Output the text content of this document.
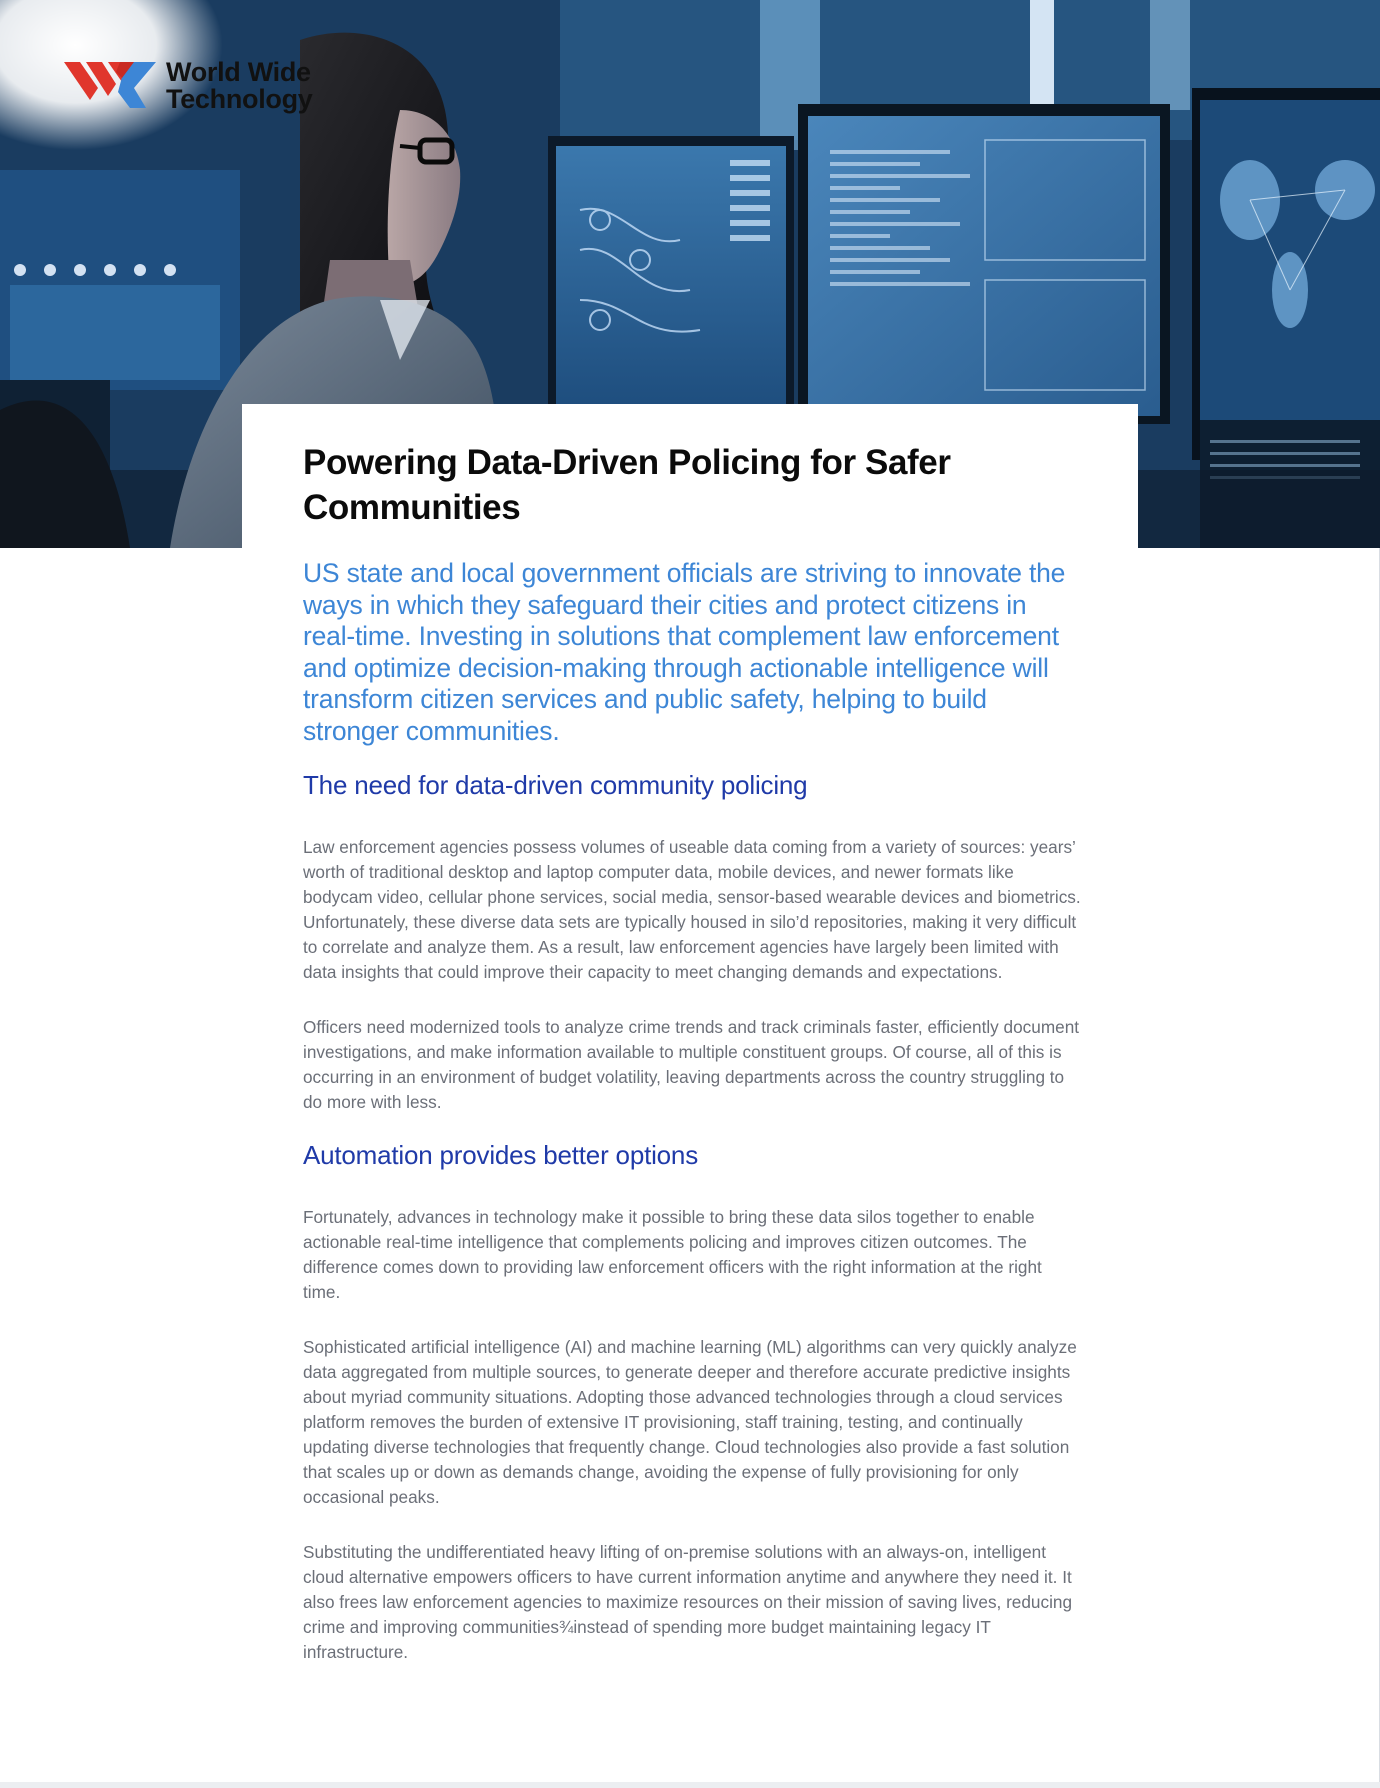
World Wide
Technology
Powering Data-Driven Policing for Safer Communities

US state and local government officials are striving to innovate the ways in which they safeguard their cities and protect citizens in real-time. Investing in solutions that complement law enforcement and optimize decision-making through actionable intelligence will transform citizen services and public safety, helping to build stronger communities.

The need for data-driven community policing

Law enforcement agencies possess volumes of useable data coming from a variety of sources: years’ worth of traditional desktop and laptop computer data, mobile devices, and newer formats like bodycam video, cellular phone services, social media, sensor-based wearable devices and biometrics. Unfortunately, these diverse data sets are typically housed in silo’d repositories, making it very difficult to correlate and analyze them. As a result, law enforcement agencies have largely been limited with data insights that could improve their capacity to meet changing demands and expectations.

Officers need modernized tools to analyze crime trends and track criminals faster, efficiently document investigations, and make information available to multiple constituent groups. Of course, all of this is occurring in an environment of budget volatility, leaving departments across the country struggling to do more with less.

Automation provides better options

Fortunately, advances in technology make it possible to bring these data silos together to enable actionable real-time intelligence that complements policing and improves citizen outcomes. The difference comes down to providing law enforcement officers with the right information at the right time.

Sophisticated artificial intelligence (AI) and machine learning (ML) algorithms can very quickly analyze data aggregated from multiple sources, to generate deeper and therefore accurate predictive insights about myriad community situations. Adopting those advanced technologies through a cloud services platform removes the burden of extensive IT provisioning, staff training, testing, and continually updating diverse technologies that frequently change. Cloud technologies also provide a fast solution that scales up or down as demands change, avoiding the expense of fully provisioning for only occasional peaks.

Substituting the undifferentiated heavy lifting of on-premise solutions with an always-on, intelligent cloud alternative empowers officers to have current information anytime and anywhere they need it. It also frees law enforcement agencies to maximize resources on their mission of saving lives, reducing crime and improving communities¾instead of spending more budget maintaining legacy IT infrastructure.
